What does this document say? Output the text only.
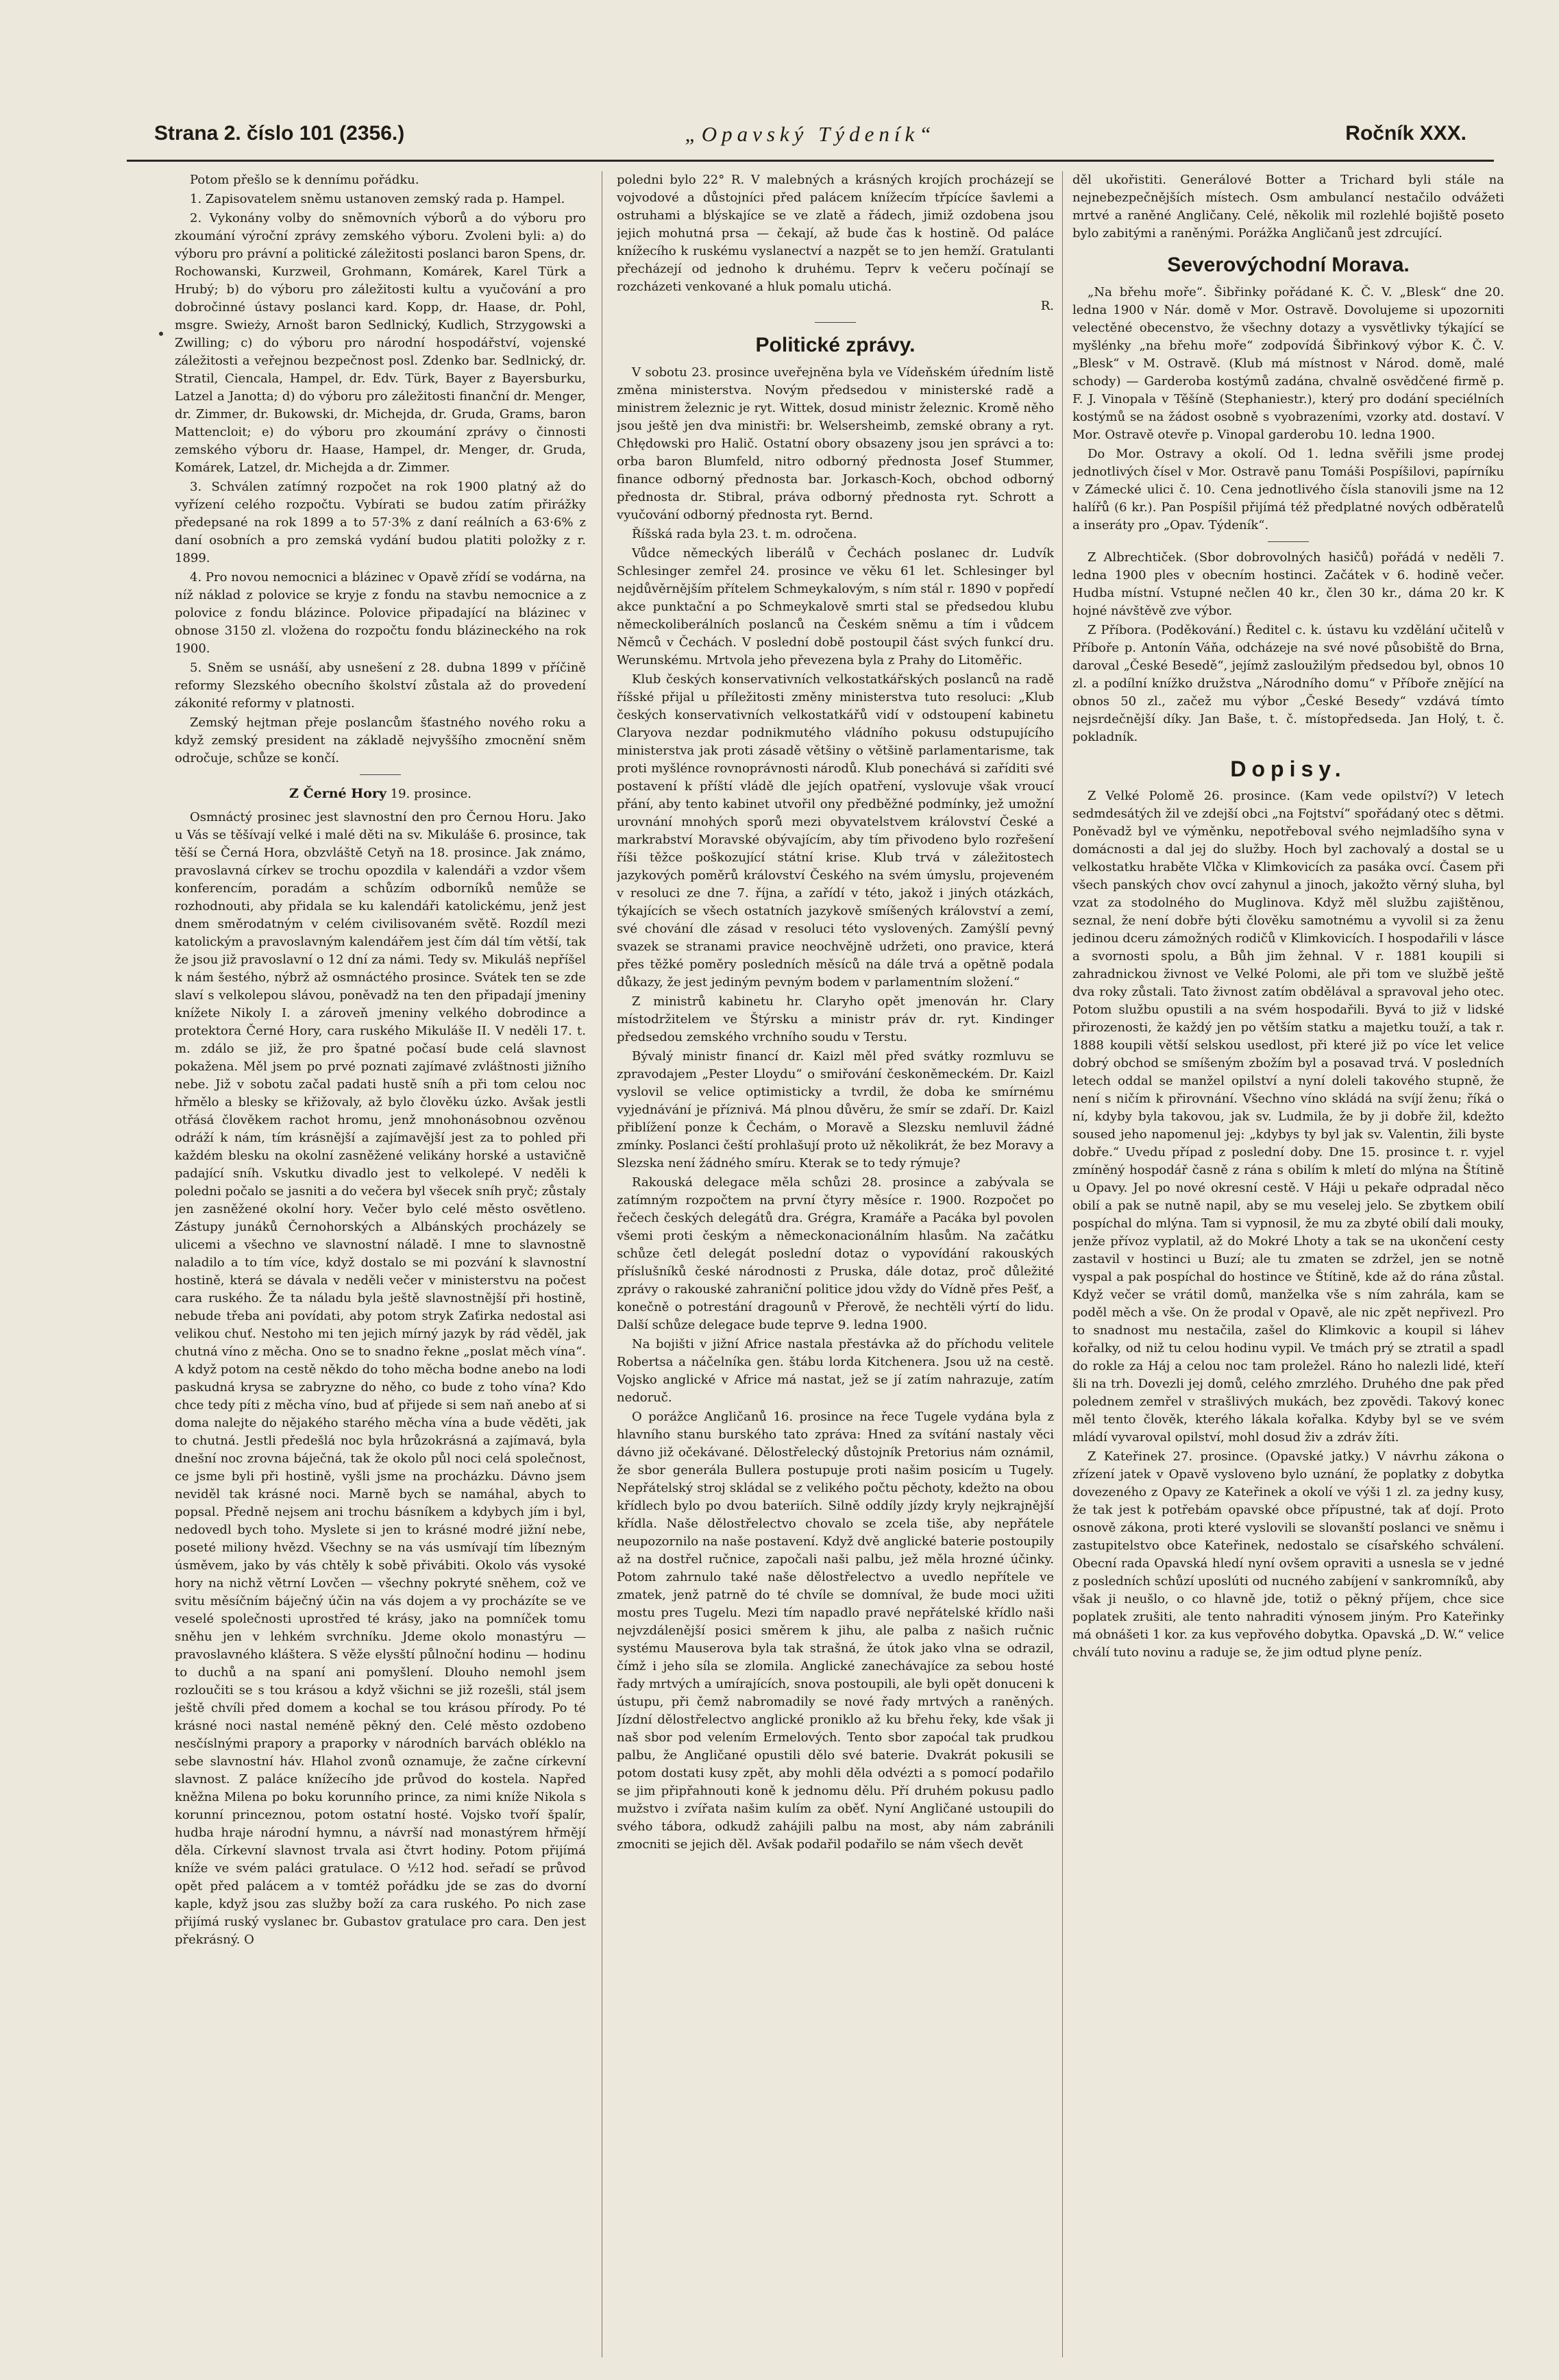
Strana 2. číslo 101 (2356.)	„Opavský Týdeník“	Ročník XXX.

Potom přešlo se k dennímu pořádku.

1. Zapisovatelem sněmu ustanoven zemský rada p. Hampel.

2. Vykonány volby do sněmovních výborů a do výboru pro zkoumání výroční zprávy zemského výboru. Zvoleni byli: a) do výboru pro právní a politické záležitosti poslanci baron Spens, dr. Rochowanski, Kurzweil, Grohmann, Komárek, Karel Türk a Hrubý; b) do výboru pro záležitosti kultu a vyučování a pro dobročinné ústavy poslanci kard. Kopp, dr. Haase, dr. Pohl, msgre. Swieży, Arnošt baron Sedlnický, Kudlich, Strzygowski a Zwilling; c) do výboru pro národní hospodářství, vojenské záležitosti a veřejnou bezpečnost posl. Zdenko bar. Sedlnický, dr. Stratil, Ciencala, Hampel, dr. Edv. Türk, Bayer z Bayersburku, Latzel a Janotta; d) do výboru pro záležitosti finanční dr. Menger, dr. Zimmer, dr. Bukowski, dr. Michejda, dr. Gruda, Grams, baron Mattencloit; e) do výboru pro zkoumání zprávy o činnosti zemského výboru dr. Haase, Hampel, dr. Menger, dr. Gruda, Komárek, Latzel, dr. Michejda a dr. Zimmer.

3. Schválen zatímný rozpočet na rok 1900 platný až do vyřízení celého rozpočtu. Vybírati se budou zatím přirážky předepsané na rok 1899 a to 57·3% z daní reálních a 63·6% z daní osobních a pro zemská vydání budou platiti položky z r. 1899.

4. Pro novou nemocnici a blázinec v Opavě zřídí se vodárna, na níž náklad z polovice se kryje z fondu na stavbu nemocnice a z polovice z fondu blázince. Polovice připadající na blázinec v obnose 3150 zl. vložena do rozpočtu fondu blázineckého na rok 1900.

5. Sněm se usnáší, aby usnešení z 28. dubna 1899 v příčině reformy Slezského obecního školství zůstala až do provedení zákonité reformy v platnosti.

Zemský hejtman přeje poslancům šťastného nového roku a když zemský president na základě nejvyššího zmocnění sněm odročuje, schůze se končí.

Z Černé Hory 19. prosince.

Osmnáctý prosinec jest slavnostní den pro Černou Horu. Jako u Vás se těšívají velké i malé děti na sv. Mikuláše 6. prosince, tak těší se Černá Hora, obzvláště Cetyň na 18. prosince. Jak známo, pravoslavná církev se trochu opozdila v kalendáři a vzdor všem konferencím, poradám a schůzím odborníků nemůže se rozhodnouti, aby přidala se ku kalendáři katolickému, jenž jest dnem směrodatným v celém civilisovaném světě. Rozdíl mezi katolickým a pravoslavným kalendářem jest čím dál tím větší, tak že jsou již pravoslavní o 12 dní za námi. Tedy sv. Mikuláš nepříšel k nám šestého, nýbrž až osmnáctého prosince. Svátek ten se zde slaví s velkolepou slávou, poněvadž na ten den připadají jmeniny knížete Nikoly I. a zároveň jmeniny velkého dobrodince a protektora Černé Hory, cara ruského Mikuláše II. V neděli 17. t. m. zdálo se již, že pro špatné počasí bude celá slavnost pokažena. Měl jsem po prvé poznati zajímavé zvláštnosti jižního nebe. Již v sobotu začal padati hustě sníh a při tom celou noc hřmělo a blesky se křižovaly, až bylo člověku úzko. Avšak jestli otřásá člověkem rachot hromu, jenž mnohonásobnou ozvěnou odráží k nám, tím krásnější a zajímavější jest za to pohled při každém blesku na okolní zasněžené velikány horské a ustavičně padající sníh. Vskutku divadlo jest to velkolepé. V neděli k poledni počalo se jasniti a do večera byl všecek sníh pryč; zůstaly jen zasněžené okolní hory. Večer bylo celé město osvětleno. Zástupy junáků Černohorských a Albánských procházely se ulicemi a všechno ve slavnostní náladě. I mne to slavnostně naladilo a to tím více, když dostalo se mi pozvání k slavnostní hostině, která se dávala v neděli večer v ministerstvu na počest cara ruského. Že ta náladu byla ještě slavnostnější při hostině, nebude třeba ani povídati, aby potom stryk Zaťirka nedostal asi velikou chuť. Nestoho mi ten jejich mírný jazyk by rád věděl, jak chutná víno z měcha. Ono se to snadno řekne „poslat měch vína“. A když potom na cestě někdo do toho měcha bodne anebo na lodi paskudná krysa se zabryzne do něho, co bude z toho vína? Kdo chce tedy píti z měcha víno, bud ať přijede si sem naň anebo ať si doma nalejte do nějakého starého měcha vína a bude věděti, jak to chutná. Jestli předešlá noc byla hrůzokrásná a zajímavá, byla dnešní noc zrovna báječná, tak že okolo půl noci celá společnost, ce jsme byli při hostině, vyšli jsme na procházku. Dávno jsem neviděl tak krásné noci. Marně bych se namáhal, abych to popsal. Předně nejsem ani trochu básníkem a kdybych jím i byl, nedovedl bych toho. Myslete si jen to krásné modré jižní nebe, poseté miliony hvězd. Všechny se na vás usmívají tím líbezným úsměvem, jako by vás chtěly k sobě přivábiti. Okolo vás vysoké hory na nichž větrní Lovčen — všechny pokryté sněhem, což ve svitu měsíčním báječný účin na vás dojem a vy procházíte se ve veselé společnosti uprostřed té krásy, jako na pomníček tomu sněhu jen v lehkém svrchníku. Jdeme okolo monastýru — pravoslavného kláštera. S věže elysští půlnoční hodinu — hodinu to duchů a na spaní ani pomyšlení. Dlouho nemohl jsem rozloučiti se s tou krásou a když všichni se již rozešli, stál jsem ještě chvíli před domem a kochal se tou krásou přírody. Po té krásné noci nastal neméně pěkný den. Celé město ozdobeno nesčíslnými prapory a praporky v národních barvách obléklo na sebe slavnostní háv. Hlahol zvonů oznamuje, že začne církevní slavnost. Z paláce knížecího jde průvod do kostela. Napřed kněžna Milena po boku korunního prince, za nimi kníže Nikola s korunní princeznou, potom ostatní hosté. Vojsko tvoří špalír, hudba hraje národní hymnu, a návrší nad monastýrem hřmějí děla. Církevní slavnost trvala asi čtvrt hodiny. Potom přijímá kníže ve svém paláci gratulace. O ½12 hod. seřadí se průvod opět před palácem a v tomtéž pořádku jde se zas do dvorní kaple, když jsou zas služby boží za cara ruského. Po nich zase přijímá ruský vyslanec br. Gubastov gratulace pro cara. Den jest překrásný. O

poledni bylo 22° R. V malebných a krásných krojích procházejí se vojvodové a důstojníci před palácem knížecím třpícíce šavlemi a ostruhami a blýskajíce se ve zlatě a řádech, jimiž ozdobena jsou jejich mohutná prsa — čekají, až bude čas k hostině. Od paláce knížecího k ruskému vyslanectví a nazpět se to jen hemží. Gratulanti přecházejí od jednoho k druhému. Teprv k večeru počínají se rozcházeti venkované a hluk pomalu utichá.

R.
Politické zprávy.

V sobotu 23. prosince uveřejněna byla ve Vídeňském úředním listě změna ministerstva. Novým předsedou v ministerské radě a ministrem železnic je ryt. Wittek, dosud ministr železnic. Kromě něho jsou ještě jen dva ministři: br. Welsersheimb, zemské obrany a ryt. Chłędowski pro Halič. Ostatní obory obsazeny jsou jen správci a to: orba baron Blumfeld, nitro odborný přednosta Josef Stummer, finance odborný přednosta bar. Jorkasch-Koch, obchod odborný přednosta dr. Stibral, práva odborný přednosta ryt. Schrott a vyučování odborný přednosta ryt. Bernd.

Říšská rada byla 23. t. m. odročena.

Vůdce německých liberálů v Čechách poslanec dr. Ludvík Schlesinger zemřel 24. prosince ve věku 61 let. Schlesinger byl nejdůvěrnějším přítelem Schmeykalovým, s ním stál r. 1890 v popředí akce punktační a po Schmeykalově smrti stal se předsedou klubu německoliberálních poslanců na Českém sněmu a tím i vůdcem Němců v Čechách. V poslední době postoupil část svých funkcí dru. Werunskému. Mrtvola jeho převezena byla z Prahy do Litoměřic.

Klub českých konservativních velkostatkářských poslanců na radě říšské přijal u příležitosti změny ministerstva tuto resoluci: „Klub českých konservativních velkostatkářů vidí v odstoupení kabinetu Claryova nezdar podnikmutého vládního pokusu odstupujícího ministerstva jak proti zásadě většiny o většině parlamentarisme, tak proti myšlénce rovnoprávnosti národů. Klub ponechává si zaříditi své postavení k příští vládě dle jejích opatření, vyslovuje však vroucí přání, aby tento kabinet utvořil ony předběžné podmínky, jež umožní urovnání mnohých sporů mezi obyvatelstvem království České a markrabství Moravské obývajícím, aby tím přivodeno bylo rozřešení říši těžce poškozující státní krise. Klub trvá v záležitostech jazykových poměrů království Českého na svém úmyslu, projeveném v resoluci ze dne 7. října, a zařídí v této, jakož i jiných otázkách, týkajících se všech ostatních jazykově smíšených království a zemí, své chování dle zásad v resoluci této vyslovených. Zamýšlí pevný svazek se stranami pravice neochvějně udržeti, ono pravice, která přes těžké poměry posledních měsíců na dále trvá a opětně podala důkazy, že jest jediným pevným bodem v parlamentním složení.“

Z ministrů kabinetu hr. Claryho opět jmenován hr. Clary místodržitelem ve Štýrsku a ministr práv dr. ryt. Kindinger předsedou zemského vrchního soudu v Terstu.

Bývalý ministr financí dr. Kaizl měl před svátky rozmluvu se zpravodajem „Pester Lloydu“ o smiřování českoněmeckém. Dr. Kaizl vyslovil se velice optimisticky a tvrdil, že doba ke smírnému vyjednávání je příznivá. Má plnou důvěru, že smír se zdaří. Dr. Kaizl přiblížení ponze k Čechám, o Moravě a Slezsku nemluvil žádné zmínky. Poslanci čeští prohlašují proto už několikrát, že bez Moravy a Slezska není žádného smíru. Kterak se to tedy rýmuje?

Rakouská delegace měla schůzi 28. prosince a zabývala se zatímným rozpočtem na první čtyry měsíce r. 1900. Rozpočet po řečech českých delegátů dra. Grégra, Kramáře a Pacáka byl povolen všemi proti českým a německonacionálním hlasům. Na začátku schůze četl delegát poslední dotaz o vypovídání rakouských příslušníků české národnosti z Pruska, dále dotaz, proč důležité zprávy o rakouské zahraniční politice jdou vždy do Vídně přes Pešť, a konečně o potrestání dragounů v Přerově, že nechtěli výrtí do lidu. Další schůze delegace bude teprve 9. ledna 1900.

Na bojišti v jižní Africe nastala přestávka až do příchodu velitele Robertsa a náčelníka gen. štábu lorda Kitchenera. Jsou už na cestě. Vojsko anglické v Africe má nastat, jež se jí zatím nahrazuje, zatím nedoruč.

O porážce Angličanů 16. prosince na řece Tugele vydána byla z hlavního stanu burského tato zpráva: Hned za svítání nastaly věci dávno již očekávané. Dělostřelecký důstojník Pretorius nám oznámil, že sbor generála Bullera postupuje proti našim posicím u Tugely. Nepřátelský stroj skládal se z velikého počtu pěchoty, kdežto na obou křídlech bylo po dvou bateriích. Silně oddíly jízdy kryly nejkrajnější křídla. Naše dělostřelectvo chovalo se zcela tiše, aby nepřátele neupozornilo na naše postavení. Když dvě anglické baterie postoupily až na dostřel ručnice, započali naši palbu, jež měla hrozné účinky. Potom zahrnulo také naše dělostřelectvo a uvedlo nepřítele ve zmatek, jenž patrně do té chvíle se domníval, že bude moci užiti mostu pres Tugelu. Mezi tím napadlo pravé nepřátelské křídlo naši nejvzdálenější posici směrem k jihu, ale palba z našich ručnic systému Mauserova byla tak strašná, že útok jako vlna se odrazil, čímž i jeho síla se zlomila. Anglické zanechávajíce za sebou hosté řady mrtvých a umírajících, snova postoupili, ale byli opět donuceni k ústupu, při čemž nabromadily se nové řady mrtvých a raněných. Jízdní dělostřelectvo anglické proniklo až ku břehu řeky, kde však ji naš sbor pod velením Ermelových. Tento sbor zapoćal tak prudkou palbu, že Angličané opustili dělo své baterie. Dvakrát pokusili se potom dostati kusy zpět, aby mohli děla odvézti a s pomocí podařilo se jim připřahnouti koně k jednomu dělu. Pří druhém pokusu padlo mužstvo i zvířata našim kulím za oběť. Nyní Angličané ustoupili do svého tábora, odkudž zahájili palbu na most, aby nám zabránili zmocniti se jejich děl. Avšak podařil podařilo se nám všech devět

děl ukořistiti. Generálové Botter a Trichard byli stále na nejnebezpečnějších místech. Osm ambulancí nestačilo odvážeti mrtvé a raněné Angličany. Celé, několik mil rozlehlé bojiště posetо bylo zabitými a raněnými. Porážka Angličanů jest zdrcující.

Severovýchodní Morava.

„Na břehu moře“. Šibřinky pořádané K. Č. V. „Blesk“ dne 20. ledna 1900 v Nár. domě v Mor. Ostravě. Dovolujeme si upozorniti velectěné obecenstvo, že všechny dotazy a vysvětlivky týkající se myšlénky „na břehu moře“ zodpovídá Šibřinkový výbor K. Č. V. „Blesk“ v M. Ostravě. (Klub má místnost v Nárоd. domě, malé schody) — Garderoba kostýmů zadána, chvalně osvědčené firmě p. F. J. Vinopala v Těšíně (Stephaniestr.), který pro dodání speciélních kostýmů se na žádost osobně s vyobrazeními, vzorky atd. dostaví. V Mor. Ostravě otevře p. Vinopal garderobu 10. ledna 1900.

Do Mor. Ostravy a okolí. Od 1. ledna svěřili jsme prodej jednotlivých čísel v Mor. Ostravě panu Tomáši Pospíšilovi, papírníku v Zámecké ulici č. 10. Cena jednotlivého čísla stanovili jsme na 12 halířů (6 kr.). Pan Pospíšil přijímá též předplatné nových odběratelů a inseráty pro „Opav. Týdeník“.

Z Albrechtiček. (Sbor dobrovolných hasičů) pořádá v neděli 7. ledna 1900 ples v obecním hostinci. Začátek v 6. hodině večer. Hudba místní. Vstupné nečlen 40 kr., člen 30 kr., dáma 20 kr. K hojné návštěvě zve výbor.

Z Příbora. (Poděkování.) Ředitel c. k. ústavu ku vzdělání učitelů v Příboře p. Antonín Váňa, odcházeje na své nové působiště do Brna, daroval „České Besedě“, jejímž zasloužilým předsedou byl, obnos 10 zl. a podílní knížko družstva „Národního domu“ v Příboře znějící na obnos 50 zl., začež mu výbor „České Besedy“ vzdává tímto nejsrdečnější díky. Jan Baše, t. č. místopředseda. Jan Holý, t. č. pokladník.

Dopisy.

Z Velké Polomě 26. prosince. (Kam vede opilství?) V letech sedmdesátých žil ve zdejší obci „na Fojtství“ spořádaný otec s dětmi. Poněvadž byl ve výměnku, nepotřeboval svého nejmladšího syna v domácnosti a dal jej do služby. Hoch byl zachovalý a dostal se u velkostatku hraběte Vlčka v Klimkovicích za pasáka ovcí. Časem při všech panských chov ovcí zahynul a jinoch, jakožto věrný sluha, byl vzat za stodolného do Muglinova. Když měl službu zajištěnou, seznal, že není dobře býti člověku samotnému a vyvolil si za ženu jedinou dceru zámožných rodičů v Klimkovicích. I hospodařili v lásce a svornosti spolu, a Bůh jim žehnal. V r. 1881 koupili si zahradnickou živnost ve Velké Polomi, ale při tom ve službě ještě dva roky zůstali. Tato živnost zatím obdělával a spravoval jeho otec. Potom službu opustili a na svém hospodařili. Byvá to již v lidské přirozenosti, že každý jen po větším statku a majetku touží, a tak r. 1888 koupili větší selskou usedlost, při které již po více let velice dobrý obchod se smíšeným zbožím byl a posavad trvá. V posledních letech oddal se manžel opilství a nyní doleli takového stupně, že není s ničím k přirovnání. Všechno víno skládá na svíjí ženu; říká o ní, kdyby byla takovou, jak sv. Ludmila, že by ji dobře žil, kdežto soused jeho napomenul jej: „kdybys ty byl jak sv. Valentin, žili byste dobře.“ Uvedu případ z poslední doby. Dne 15. prosince t. r. vyjel zmíněný hospodář časně z rána s obilím k mletí do mlýna na Štítině u Opavy. Jel po nové okresní cestě. V Háji u pekaře odpradal něco obilí a pak se nutně napil, aby se mu veselej jelo. Se zbytkem obilí pospíchal do mlýna. Tam si vypnosil, že mu za zbyté obilí dali mouky, jenže přívoz vyplatil, až do Mokré Lhoty a tak se na ukončení cesty zastavil v hostinci u Buzí; ale tu zmaten se zdržel, jen se notně vyspal a pak pospíchal do hostince ve Štítině, kde až do rána zůstal. Když večer se vrátil domů, manželka vše s ním zahrála, kam se poděl měch a vše. On že prodal v Opavě, ale nic zpět nepřivezl. Pro to snadnost mu nestačila, zašel do Klimkovic a koupil si láhev kořalky, od niž tu celou hodinu vypil. Ve tmách prý se ztratil a spadl do rokle za Háj a celou noc tam proležel. Ráno ho nalezli lidé, kteří šli na trh. Dovezli jej domů, celého zmrzlého. Druhého dne pak před polednem zemřel v strašlivých mukách, bez zpovědi. Takový konec měl tento člověk, kterého lákala kořalka. Kdyby byl se ve svém mládí vyvaroval opilství, mohl dosud živ a zdráv žíti.

Z Kateřinek 27. prosince. (Opavské jatky.) V návrhu zákona o zřízení jatek v Opavě vysloveno bylo uznání, že poplatky z dobytka dovezeného z Opavy ze Kateřinek a okolí ve výši 1 zl. za jedny kusy, že tak jest k potřebám opavské obce přípustné, tak ať dojí. Proto osnově zákona, proti které vyslovili se slovanští poslanci ve sněmu i zastupitelstvo obce Kateřinek, nedostalo se císařského schválení. Obecní rada Opavská hledí nyní ovšem opraviti a usnesla se v jedné z posledních schůzí uposlúti od nucného zabíjení v sankromníků, aby však ji neušlo, o co hlavně jde, totiž o pěkný příjem, chce sice poplatek zrušiti, ale tento nahraditi výnosem jiným. Pro Kateřinky má obnášeti 1 kor. za kus vepřového dobytka. Opavská „D. W.“ velice chválí tuto novinu a raduje se, že jim odtud plyne peníz.
